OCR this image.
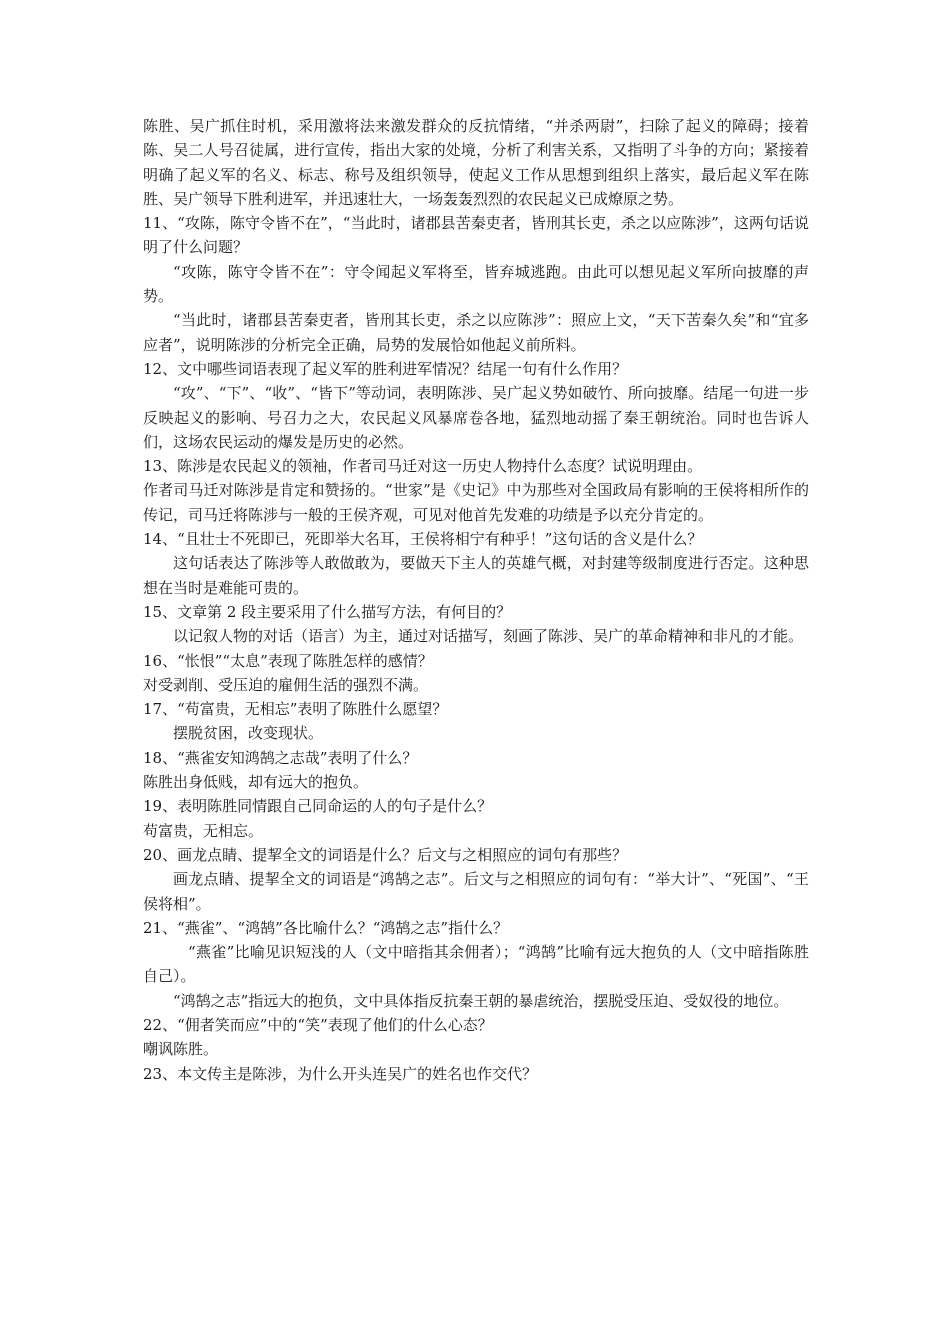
陈胜、吴广抓住时机，采用激将法来激发群众的反抗情绪，“并杀两尉”，扫除了起义的障碍；接着陈、吴二人号召徒属，进行宣传，指出大家的处境，分析了利害关系，又指明了斗争的方向；紧接着明确了起义军的名义、标志、称号及组织领导，使起义工作从思想到组织上落实，最后起义军在陈胜、吴广领导下胜利进军，并迅速壮大，一场轰轰烈烈的农民起义已成燎原之势。

11、“攻陈，陈守令皆不在”，“当此时，诸郡县苦秦吏者，皆刑其长吏，杀之以应陈涉”，这两句话说明了什么问题？

“攻陈，陈守令皆不在”：守令闻起义军将至，皆弃城逃跑。由此可以想见起义军所向披靡的声势。

“当此时，诸郡县苦秦吏者，皆刑其长吏，杀之以应陈涉”：照应上文，“天下苦秦久矣”和“宜多应者”，说明陈涉的分析完全正确，局势的发展恰如他起义前所料。

12、文中哪些词语表现了起义军的胜利进军情况？结尾一句有什么作用？

“攻”、“下”、“收”、“皆下”等动词，表明陈涉、吴广起义势如破竹、所向披靡。结尾一句进一步反映起义的影响、号召力之大，农民起义风暴席卷各地，猛烈地动摇了秦王朝统治。同时也告诉人们，这场农民运动的爆发是历史的必然。

13、陈涉是农民起义的领袖，作者司马迁对这一历史人物持什么态度？试说明理由。

作者司马迁对陈涉是肯定和赞扬的。“世家”是《史记》中为那些对全国政局有影响的王侯将相所作的传记，司马迁将陈涉与一般的王侯齐观，可见对他首先发难的功绩是予以充分肯定的。

14、“且壮士不死即已，死即举大名耳，王侯将相宁有种乎！”这句话的含义是什么？

这句话表达了陈涉等人敢做敢为，要做天下主人的英雄气概，对封建等级制度进行否定。这种思想在当时是难能可贵的。

15、文章第 2 段主要采用了什么描写方法，有何目的？

以记叙人物的对话（语言）为主，通过对话描写，刻画了陈涉、吴广的革命精神和非凡的才能。

16、“怅恨”“太息”表现了陈胜怎样的感情？

对受剥削、受压迫的雇佣生活的强烈不满。

17、“苟富贵，无相忘”表明了陈胜什么愿望？

摆脱贫困，改变现状。

18、“燕雀安知鸿鹄之志哉”表明了什么？

陈胜出身低贱，却有远大的抱负。

19、表明陈胜同情跟自己同命运的人的句子是什么？

苟富贵，无相忘。

20、画龙点睛、提挈全文的词语是什么？后文与之相照应的词句有那些？

画龙点睛、提挈全文的词语是“鸿鹄之志”。后文与之相照应的词句有：“举大计”、“死国”、“王侯将相”。

21、“燕雀”、“鸿鹄”各比喻什么？“鸿鹄之志”指什么？

“燕雀”比喻见识短浅的人（文中暗指其余佣者）；“鸿鹄”比喻有远大抱负的人（文中暗指陈胜自己）。

“鸿鹄之志”指远大的抱负，文中具体指反抗秦王朝的暴虐统治，摆脱受压迫、受奴役的地位。

22、“佣者笑而应”中的“笑”表现了他们的什么心态？

嘲讽陈胜。

23、本文传主是陈涉，为什么开头连吴广的姓名也作交代？
